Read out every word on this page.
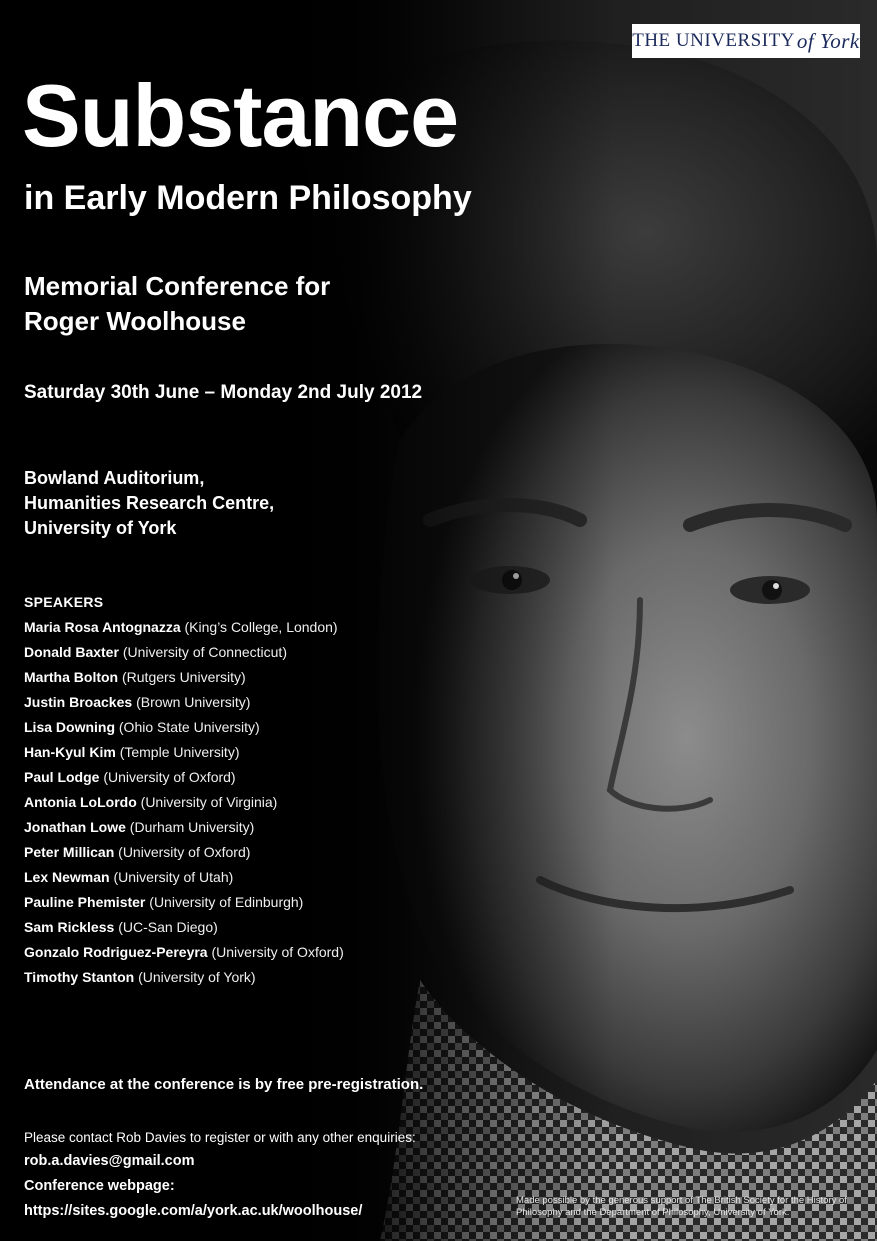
THE UNIVERSITY of York
Substance
in Early Modern Philosophy
Memorial Conference for
Roger Woolhouse
Saturday 30th June – Monday 2nd July 2012
Bowland Auditorium,
Humanities Research Centre,
University of York
SPEAKERS
Maria Rosa Antognazza (King’s College, London)
Donald Baxter (University of Connecticut)
Martha Bolton (Rutgers University)
Justin Broackes (Brown University)
Lisa Downing (Ohio State University)
Han-Kyul Kim (Temple University)
Paul Lodge (University of Oxford)
Antonia LoLordo (University of Virginia)
Jonathan Lowe (Durham University)
Peter Millican (University of Oxford)
Lex Newman (University of Utah)
Pauline Phemister (University of Edinburgh)
Sam Rickless (UC-San Diego)
Gonzalo Rodriguez-Pereyra (University of Oxford)
Timothy Stanton (University of York)
Attendance at the conference is by free pre-registration.
Please contact Rob Davies to register or with any other enquiries:
rob.a.davies@gmail.com
Conference webpage:
https://sites.google.com/a/york.ac.uk/woolhouse/
Made possible by the generous support of The British Society for the History of Philosophy and the Department of Philosophy, University of York.
